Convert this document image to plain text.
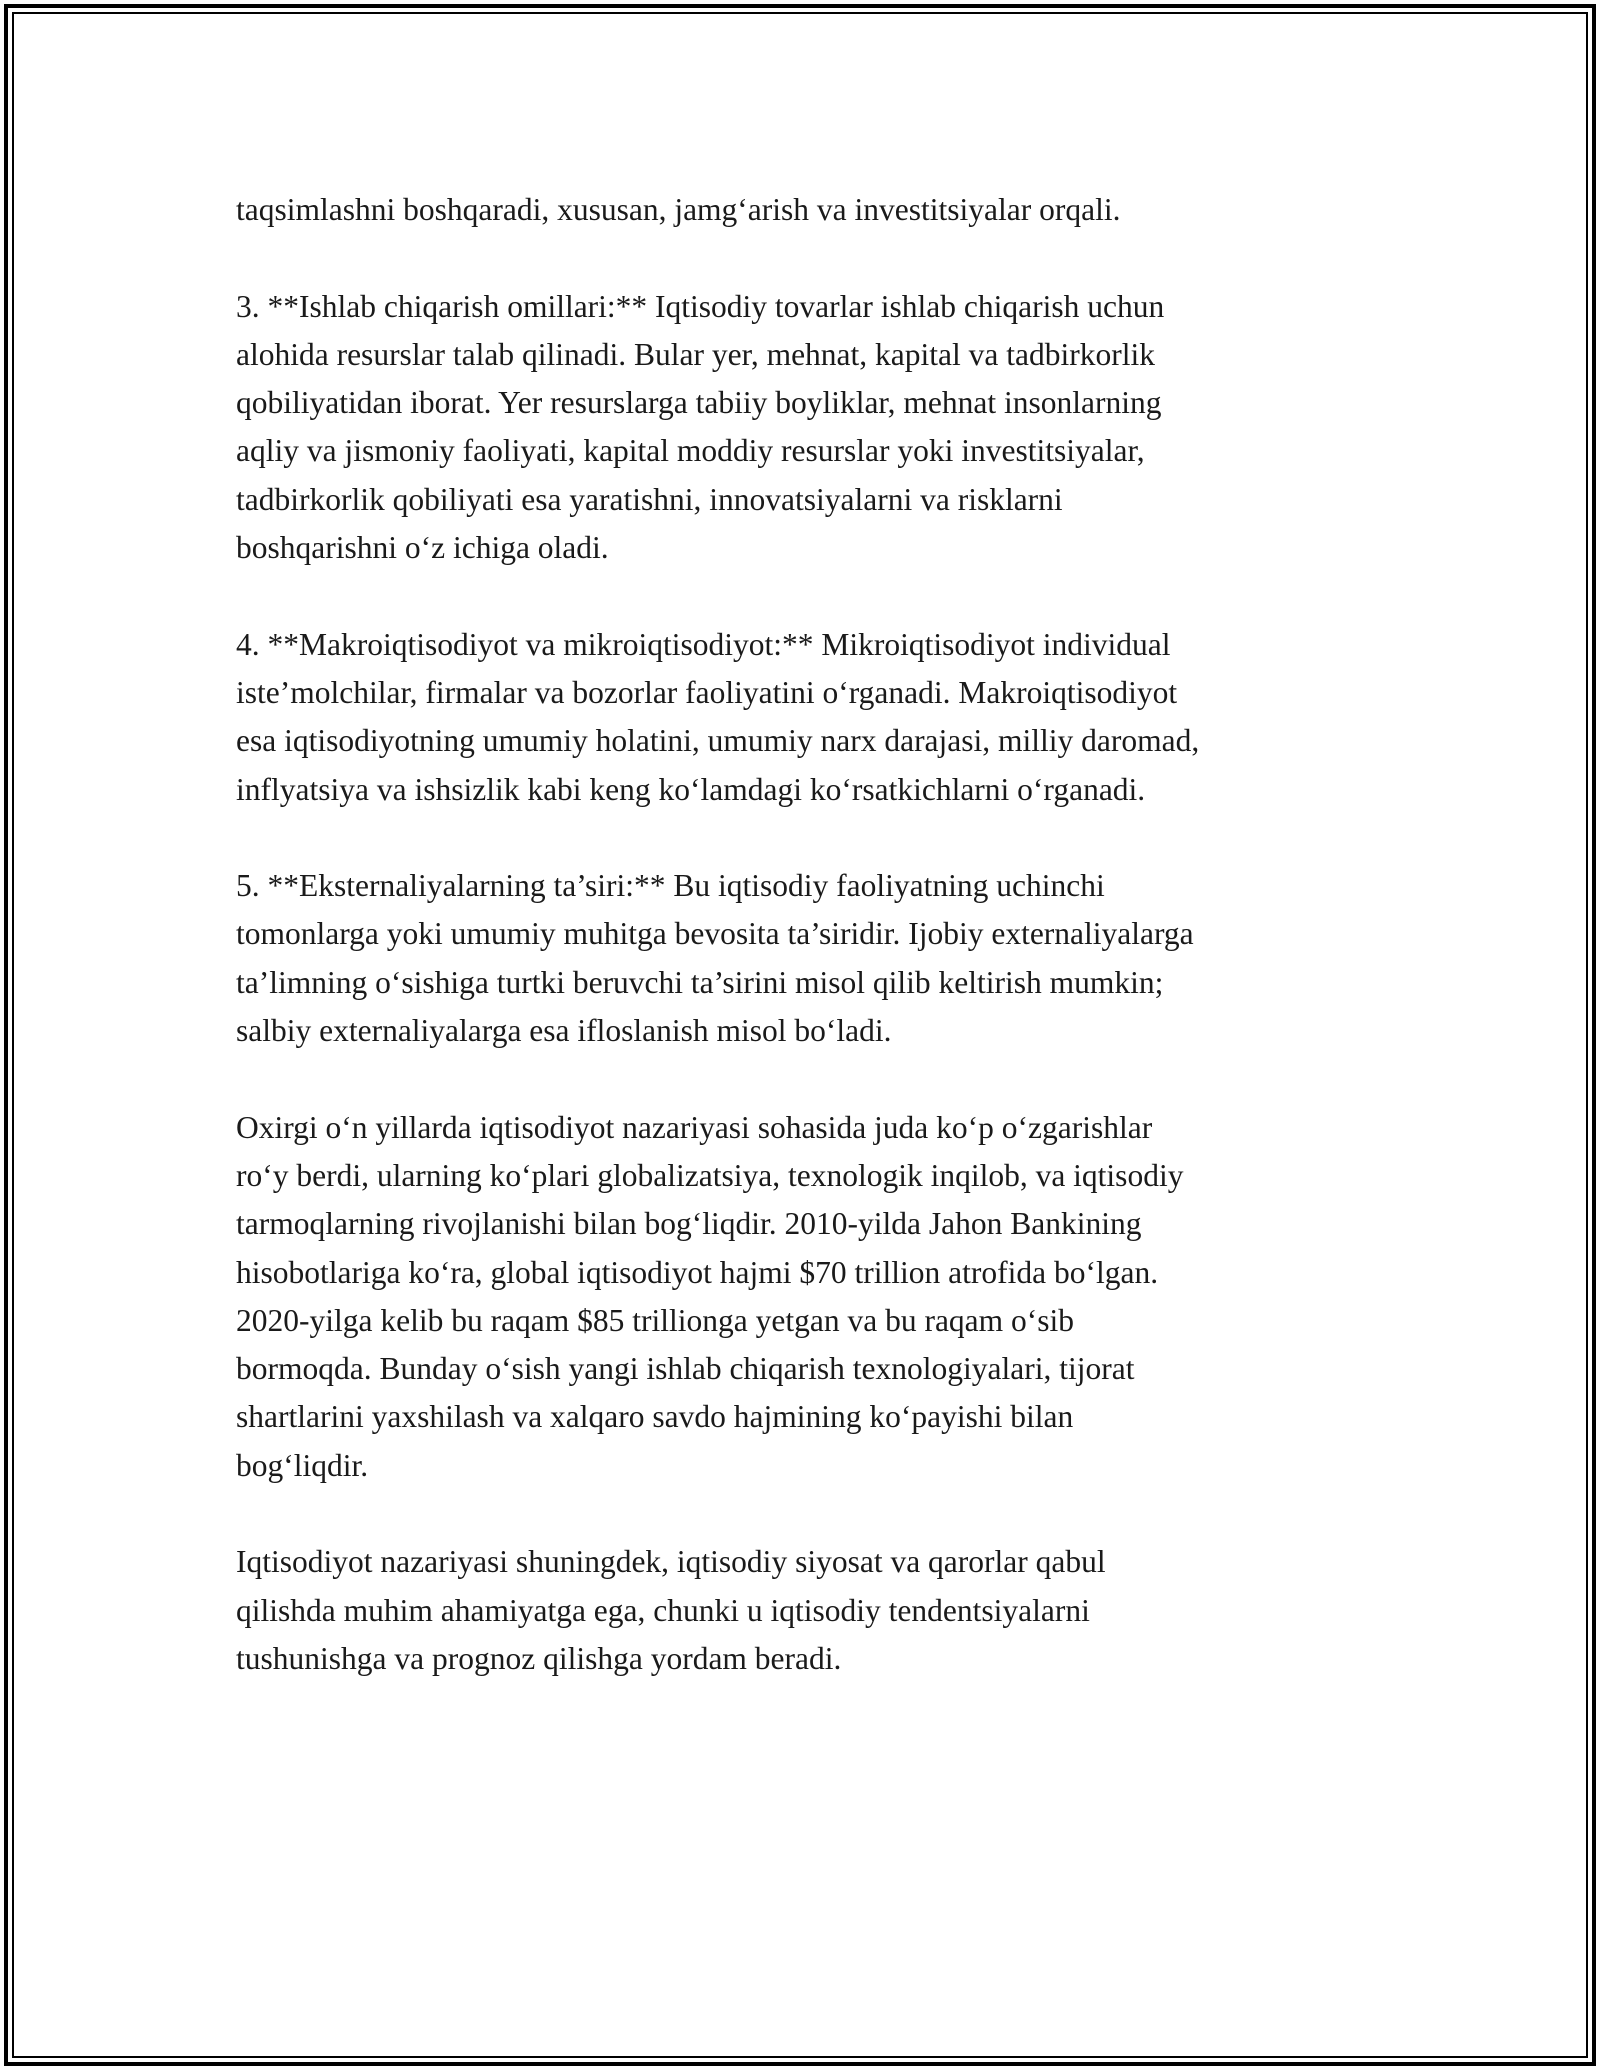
taqsimlashni boshqaradi, xususan, jamg‘arish va investitsiyalar orqali.

3. **Ishlab chiqarish omillari:** Iqtisodiy tovarlar ishlab chiqarish uchun
alohida resurslar talab qilinadi. Bular yer, mehnat, kapital va tadbirkorlik
qobiliyatidan iborat. Yer resurslarga tabiiy boyliklar, mehnat insonlarning
aqliy va jismoniy faoliyati, kapital moddiy resurslar yoki investitsiyalar,
tadbirkorlik qobiliyati esa yaratishni, innovatsiyalarni va risklarni
boshqarishni o‘z ichiga oladi.

4. **Makroiqtisodiyot va mikroiqtisodiyot:** Mikroiqtisodiyot individual
iste’molchilar, firmalar va bozorlar faoliyatini o‘rganadi. Makroiqtisodiyot
esa iqtisodiyotning umumiy holatini, umumiy narx darajasi, milliy daromad,
inflyatsiya va ishsizlik kabi keng ko‘lamdagi ko‘rsatkichlarni o‘rganadi.

5. **Eksternaliyalarning ta’siri:** Bu iqtisodiy faoliyatning uchinchi
tomonlarga yoki umumiy muhitga bevosita ta’siridir. Ijobiy externaliyalarga
ta’limning o‘sishiga turtki beruvchi ta’sirini misol qilib keltirish mumkin;
salbiy externaliyalarga esa ifloslanish misol bo‘ladi.

Oxirgi o‘n yillarda iqtisodiyot nazariyasi sohasida juda ko‘p o‘zgarishlar
ro‘y berdi, ularning ko‘plari globalizatsiya, texnologik inqilob, va iqtisodiy
tarmoqlarning rivojlanishi bilan bog‘liqdir. 2010-yilda Jahon Bankining
hisobotlariga ko‘ra, global iqtisodiyot hajmi $70 trillion atrofida bo‘lgan.
2020-yilga kelib bu raqam $85 trillionga yetgan va bu raqam o‘sib
bormoqda. Bunday o‘sish yangi ishlab chiqarish texnologiyalari, tijorat
shartlarini yaxshilash va xalqaro savdo hajmining ko‘payishi bilan
bog‘liqdir.

Iqtisodiyot nazariyasi shuningdek, iqtisodiy siyosat va qarorlar qabul
qilishda muhim ahamiyatga ega, chunki u iqtisodiy tendentsiyalarni
tushunishga va prognoz qilishga yordam beradi.
